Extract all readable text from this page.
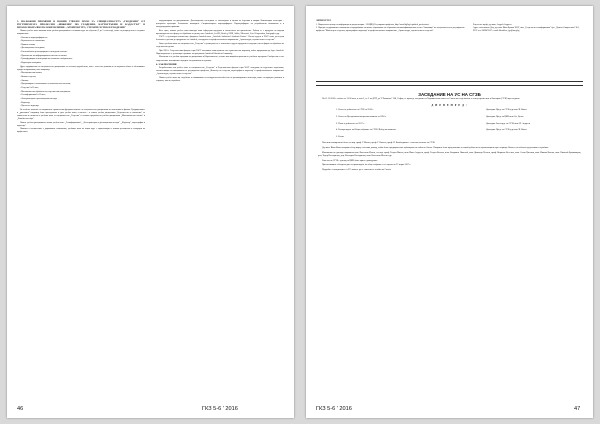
5. ПО-ВАЖНИ ПРОМЕНИ В НОВИЯ УЧЕБЕН ПЛАН ЗА СПЕЦИАЛНОСТТА „ГЕОДЕЗИЯ" ОТ РЕГУЛИРАНАТА ПРОФЕСИЯ „ИНЖЕНЕР ПО ГЕОДЕЗИЯ, КАРТОГРАФИЯ И КАДАСТЪР" В ПРОФЕСИОНАЛНОТО НАПРАВЛЕНИЕ „АРХИТЕКТУРА, СТРОИТЕЛСТВО И ГЕОДЕЗИЯ"

Новият учебен план включва нови учебни дисциплини в основния курс на обучение (I до 5 семестър), които са разпределени в следните направления:

- Основи на картографирането;

- Вероятности и статистика;

- Правни основи;

- Дистанционно изследване;

- Еленекобнатна регистрираните и изведени текстове.

- Приложение на информационни системи за анализ;

- Трансформация и интеграция на основните изображения;

- Кадастърно измерване.

Друга традиционна за специалността дисциплини са основно преработени, като е отчетено развитието на научната област и обективните нужди на практиката, като например:

- Математически анализ;

- Висша геодезия;

- Физика;

- Програмиране и изчисляване на изчислителни системи;

- Геодезия I и II част;

- Математическа обработка на геодезически измервания;

- Геоинформатика I и II част;

- Фотограметрия и дистанционни методи;

- Кадастър;

- Проект по кадастър.

От особено значение за направените промени във фундаменталните за специалността дисциплини по математика и физика. Традиционните и „дипломни" например беше препоръчано в едно учебно ниво; а именно – в новата учебна дисциплина „Вероятности и статистика" са съвместени в съответно в учебния план за специалността „Геодезия" и основно преработени учебни дисциплини „Математически анализ" и „Линейна алгебра".

Новите учебни дисциплини в новия учебен план: „Геоинформатика", „Фотограметрия и дистанционни методи", „Кадастър", картография и кадастър".

Напълно в съответствие с държавните изисквания, учебният план на новия курс е хармонизиран с всички регламенти и стандарти на професията.

модернизиране на дисциплините. Дистанционно изследване се мониторинг и оценка на бедствия и аварии. Компютърна геометрия – централни проекции. Регионално планиране. Специализирано картографиране. Картографиране на устройствени изисквания и в международната практика.

Кето цито, новият учебен план въвежда нови софтуерни продукти и съответното им приложение. Работи се с продукти на водещи производители на софтуер за обработка на данни, като Autodesk, ArcGIS, Bentley, ESRI, Adobe, Microsoft, Corel Corporation, Intergraph и др.

УАСГ е в договорни отношения с фирмата Autodesk като „Autodesk Authorized Academic Partner". Всеки студент в УАСГ може да получи безплатен и достъп до продуктите на Autodesk, стандартни за професионалното направление „Архитектура, строителство и геодезия".

Освен учебния план по специалността „Геодезия" в университета се използват и други продукти на водещи в света фирми за обработка на геодезически данни.

При 2016 г. Геодезическия факултет при УАСГ настъпиха нови промени със стратегически партньор, който продължава да бъде Autodesk. Партньорството се реализира в рамките на програмата Autodesk Education Community.

Изготвени са и учебни програми по дисциплини в Образованието, в които има мащабни промени по учебните програми. Съобразени са със съвременните изисквания и нуждите на практиката в страната.

6. ЗАКЛЮЧЕНИЕ

Разработеният нов учебен план за специалността „Геодезия" в Геодезическия факултет при УАСГ осигурява на студентите подготовка, съответстваща на изискванията за регулираната професия „Инженер по геодезия, картография и кадастър" в професионалното направление „Архитектура, строителство и геодезия".

Новият учебен план ще съдейства за повишаване на конкурентоспособността на дипломираните инженери, както за кариерно развитие в страната, така и в чужбина.

46	ГКЗ 5-6 ' 2016
ЛИТЕРАТУРА
1. Национален център за информация и документация – НАЦИД. Регулирани професии, http://nacid.bg/bg/regulated_professions/.	Рецензент: проф. д-р инж. Андрей Андреев
2. Наредба за държавните изисквания за придобиване на висше образование на образователно-квалификационна степен "бакалавър" по специалността от регулираната професия "Инженер по геодезия, картография и кадастър" в професионалното направление „Архитектура, строителство и геодезия".
Адрес за контакти: Доц. д-р инж. Иван Бучков УАСГ, вил. „Геодезия и геоинформатика" бул. „Христо Смирненски" №1, Р207 тел. 0889475537 e-mail: ilbuchkov_fgs@uacg.bg
ЗАСЕДАНИЕ НА УС НА СГЗБ

На 11.12.2016 г. събота от 13.00 часа, в зала 3, ет. 2 на ДНТ, ул."Г.Раковски" 108, София, се проведе заседание на Управителния съвет на Съюза на геодезистите и земеустроителите в България (СГЗБ) при следния

Д Н Е В Е Н Р Е Д :
1. Отчет за дейността на СГЗБ за 2016 г.	Докладва: Пред. на СГЗБ д-р инж. И. Качев
2. Отчет на Централната контролна комисия за 2016 г.	Докладва: Пред. на ЦКК инж. Бл. Дечев
3. План за дейността за 2017 г.	Докладва: Зам.-пред. на СГЗБ инж. И. Андреев
4. Разпореждане на Общо събрание на СГЗБ. Избор на комисии.	Докладва: Пред. на СГЗБ д-р инж. И. Качев
5. Разни.

Почетни нововремени бяха: чл.-кор. проф. Г. Милев, проф. Г. Вълчев, проф. Н. Бамбалджиев – почетни членове на СГЗБ.

Д-р инж. Иван Качев направи обзор върху отчетния доклад, който беше предварително публикуван на сайта на Съюза. Направен беше предложения за някой дейности на организацията през периода. Както и за нейното представяне в чужбина.

Изказвания по доклада направиха инж. Валентин Йонев, чл.-кор. проф. Георги Милев, инж. Иван Андреев, проф. Георги Вълчев, инж. Бояджиев Николай, инж. Димитър Пенчев, проф. Кирилов Веселин, инж. Стоян Цветков, инж. Иванка Колева, инж. Николай Бранимиров, доц. Тодор Костадинов, доц. Костадин Костадинов, инж. Валентин Йонев и др.

Отчетът на СГЗБ е доклад за ЦКК беше приет единодушно.

Присъстващите обсъдиха дата за провеждане на общо събрание и се спряха на 27 април 2017 г.

Подробно с материалите от УС можете да се запознаете в сайта на Съюза.

ГКЗ 5-6 ' 2016	47
